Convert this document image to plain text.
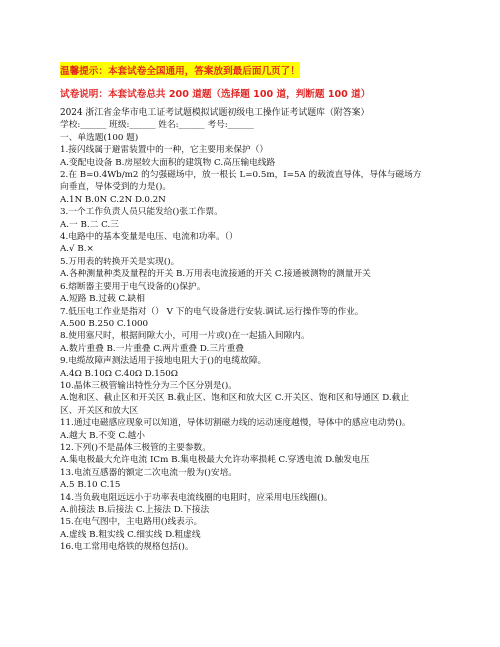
温馨提示：本套试卷全国通用，答案放到最后面几页了！
试卷说明：本套试卷总共 200 道题（选择题 100 道，判断题 100 道）
2024 浙江省金华市电工证考试题模拟试题初级电工操作证考试题库（附答案）
学校:______ 班级:______ 姓名:______ 考号:______
一、单选题(100 题)
1.接闪线属于避雷装置中的一种，它主要用来保护（）
A.变配电设备 B.房屋较大面积的建筑物 C.高压输电线路
2.在 B=0.4Wb/m2 的匀强磁场中，放一根长 L=0.5m，I=5A 的载流直导体，导体与磁场方
向垂直，导体受到的力是()。
A.1N B.0N C.2N D.0.2N
3.一个工作负责人员只能发给()张工作票。
A.一 B.二 C.三
4.电路中的基本变量是电压、电流和功率。（）
A.√ B.×
5.万用表的转换开关是实现()。
A.各种测量种类及量程的开关 B.万用表电流接通的开关 C.接通被测物的测量开关
6.熔断器主要用于电气设备的()保护。
A.短路 B.过载 C.缺相
7.低压电工作业是指对（） V 下的电气设备进行安装.调试.运行操作等的作业。
A.500 B.250 C.1000
8.使用塞尺时，根据间隙大小，可用一片或()在一起插入间隙内。
A.数片重叠 B.一片重叠 C.两片重叠 D.三片重叠
9.电缆故障声测法适用于接地电阻大于()的电缆故障。
A.4Ω B.10Ω C.40Ω D.150Ω
10.晶体三极管输出特性分为三个区分别是()。
A.饱和区、截止区和开关区 B.截止区、饱和区和放大区 C.开关区、饱和区和导通区 D.截止
区、开关区和放大区
11.通过电磁感应现象可以知道，导体切割磁力线的运动速度越慢，导体中的感应电动势()。
A.越大 B.不变 C.越小
12.下列()不是晶体三极管的主要参数。
A.集电极最大允许电流 ICm B.集电极最大允许功率损耗 C.穿透电流 D.触发电压
13.电流互感器的额定二次电流一般为()安培。
A.5 B.10 C.15
14.当负载电阻远远小于功率表电流线圈的电阻时，应采用电压线圈()。
A.前接法 B.后接法 C.上接法 D.下接法
15.在电气图中，主电路用()线表示。
A.虚线 B.粗实线 C.细实线 D.粗虚线
16.电工常用电烙铁的规格包括()。
